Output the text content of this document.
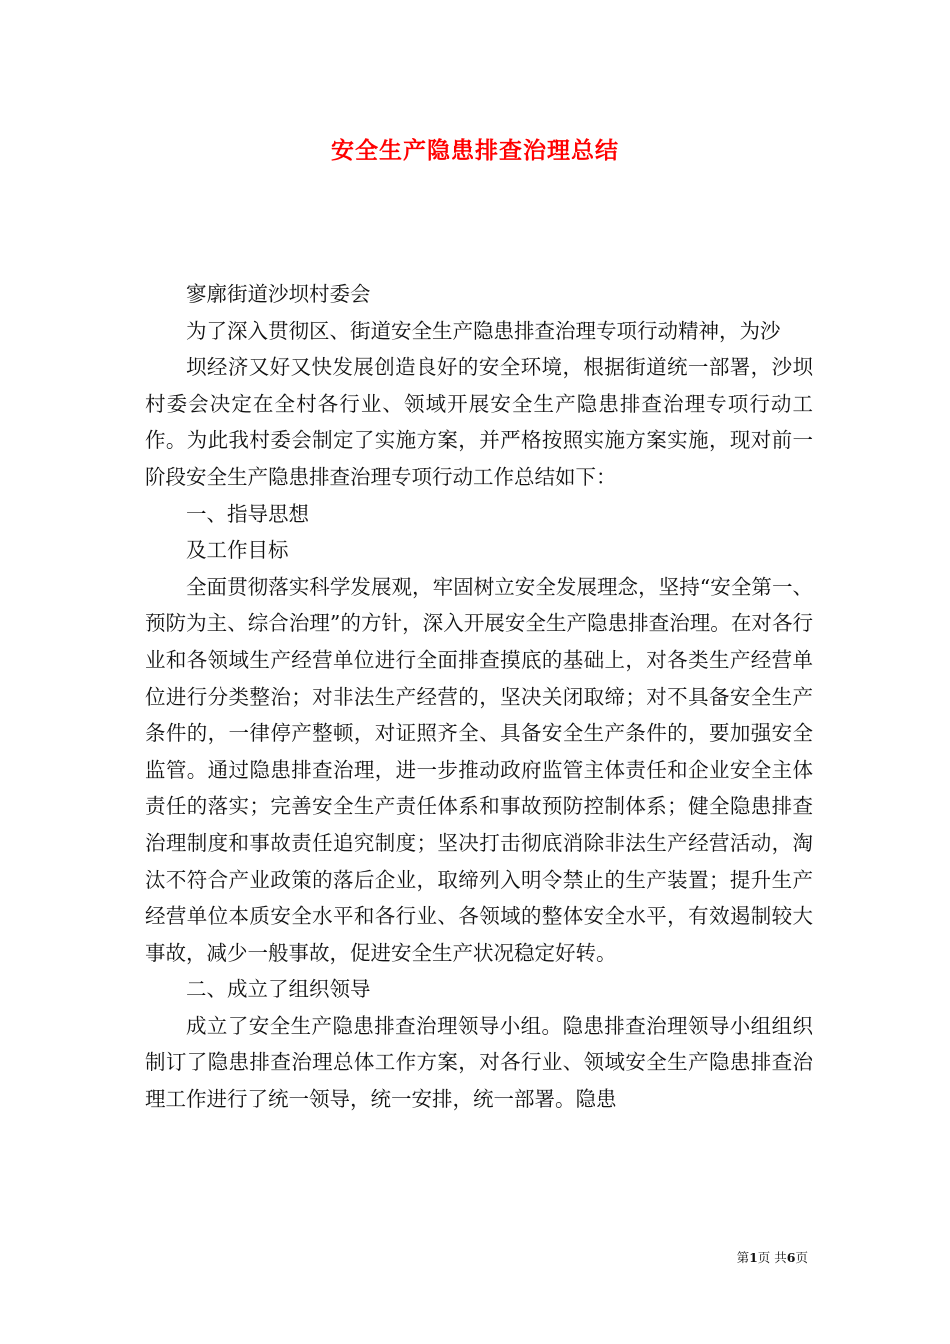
安全生产隐患排查治理总结

寥廓街道沙坝村委会

为了深入贯彻区、街道安全生产隐患排查治理专项行动精神，为沙

坝经济又好又快发展创造良好的安全环境，根据街道统一部署，沙坝村委会决定在全村各行业、领域开展安全生产隐患排查治理专项行动工作。为此我村委会制定了实施方案，并严格按照实施方案实施，现对前一阶段安全生产隐患排查治理专项行动工作总结如下：

一、指导思想

及工作目标

全面贯彻落实科学发展观，牢固树立安全发展理念，坚持“安全第一、预防为主、综合治理”的方针，深入开展安全生产隐患排查治理。在对各行业和各领域生产经营单位进行全面排查摸底的基础上，对各类生产经营单位进行分类整治；对非法生产经营的，坚决关闭取缔；对不具备安全生产条件的，一律停产整顿，对证照齐全、具备安全生产条件的，要加强安全监管。通过隐患排查治理，进一步推动政府监管主体责任和企业安全主体责任的落实；完善安全生产责任体系和事故预防控制体系；健全隐患排查治理制度和事故责任追究制度；坚决打击彻底消除非法生产经营活动，淘汰不符合产业政策的落后企业，取缔列入明令禁止的生产装置；提升生产经营单位本质安全水平和各行业、各领域的整体安全水平，有效遏制较大事故，减少一般事故，促进安全生产状况稳定好转。

二、成立了组织领导

成立了安全生产隐患排查治理领导小组。隐患排查治理领导小组组织制订了隐患排查治理总体工作方案，对各行业、领域安全生产隐患排查治理工作进行了统一领导，统一安排，统一部署。隐患

第1页 共6页
